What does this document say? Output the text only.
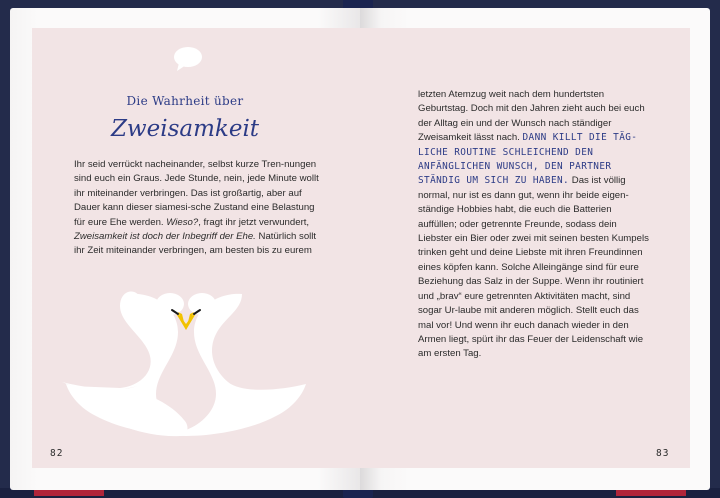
Die Wahrheit über
Zweisamkeit

Ihr seid verrückt nacheinander, selbst kurze Tren-nungen sind euch ein Graus. Jede Stunde, nein, jede Minute wollt ihr miteinander verbringen. Das ist großartig, aber auf Dauer kann dieser siamesi-sche Zustand eine Belastung für eure Ehe werden. Wieso?, fragt ihr jetzt verwundert, Zweisamkeit ist doch der Inbegriff der Ehe. Natürlich sollt ihr Zeit miteinander verbringen, am besten bis zu eurem

82

letzten Atemzug weit nach dem hundertsten Geburtstag. Doch mit den Jahren zieht auch bei euch der Alltag ein und der Wunsch nach ständiger Zweisamkeit lässt nach. DANN KILLT DIE TÄG-LICHE ROUTINE SCHLEICHEND DEN ANFÄNGLICHEN WUNSCH, DEN PARTNER STÄNDIG UM SICH ZU HABEN. Das ist völlig normal, nur ist es dann gut, wenn ihr beide eigen-ständige Hobbies habt, die euch die Batterien auffüllen; oder getrennte Freunde, sodass dein Liebster ein Bier oder zwei mit seinen besten Kumpels trinken geht und deine Liebste mit ihren Freundinnen eines köpfen kann. Solche Alleingänge sind für eure Beziehung das Salz in der Suppe. Wenn ihr routiniert und „brav“ eure getrennten Aktivitäten macht, sind sogar Ur-laube mit anderen möglich. Stellt euch das mal vor! Und wenn ihr euch danach wieder in den Armen liegt, spürt ihr das Feuer der Leidenschaft wie am ersten Tag.

83
